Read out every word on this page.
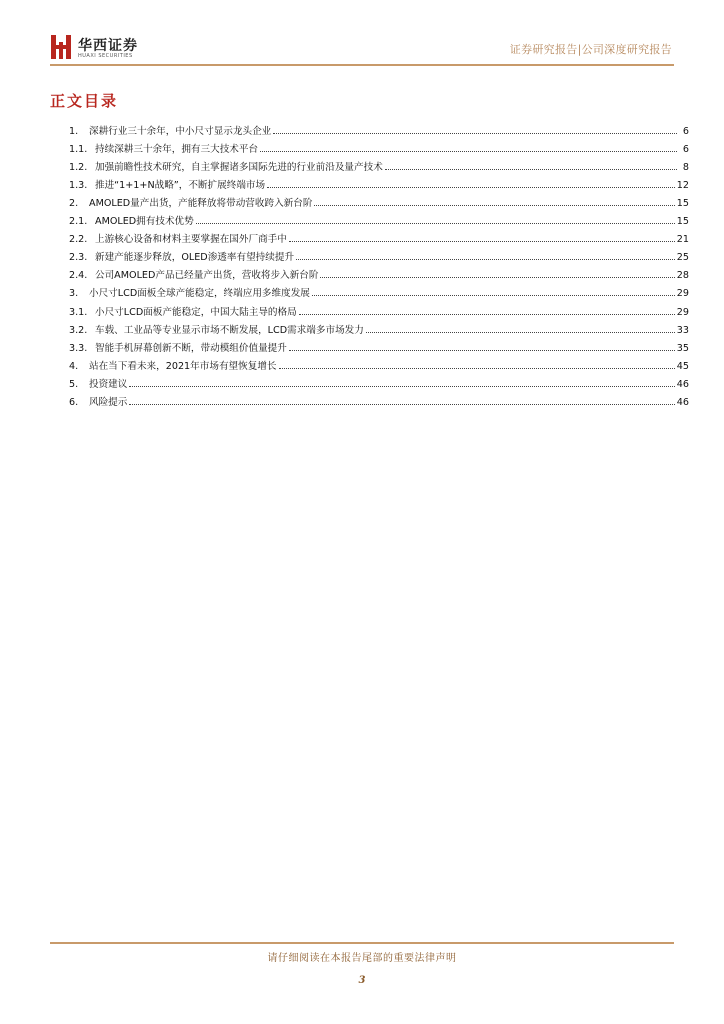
华西证券
HUAXI SECURITIES	证券研究报告|公司深度研究报告
正文目录
1.	深耕行业三十余年，中小尺寸显示龙头企业	6
1.1. 持续深耕三十余年，拥有三大技术平台	6
1.2. 加强前瞻性技术研究，自主掌握诸多国际先进的行业前沿及量产技术	8
1.3. 推进“1+1+N战略”，不断扩展终端市场	12
2.	AMOLED量产出货，产能释放将带动营收跨入新台阶	15
2.1. AMOLED拥有技术优势	15
2.2. 上游核心设备和材料主要掌握在国外厂商手中	21
2.3. 新建产能逐步释放，OLED渗透率有望持续提升	25
2.4. 公司AMOLED产品已经量产出货，营收将步入新台阶	28
3.	小尺寸LCD面板全球产能稳定，终端应用多维度发展	29
3.1. 小尺寸LCD面板产能稳定，中国大陆主导的格局	29
3.2. 车载、工业品等专业显示市场不断发展，LCD需求端多市场发力	33
3.3. 智能手机屏幕创新不断，带动模组价值量提升	35
4.	站在当下看未来，2021年市场有望恢复增长	45
5.	投资建议	46
6.	风险提示	46
请仔细阅读在本报告尾部的重要法律声明
3
